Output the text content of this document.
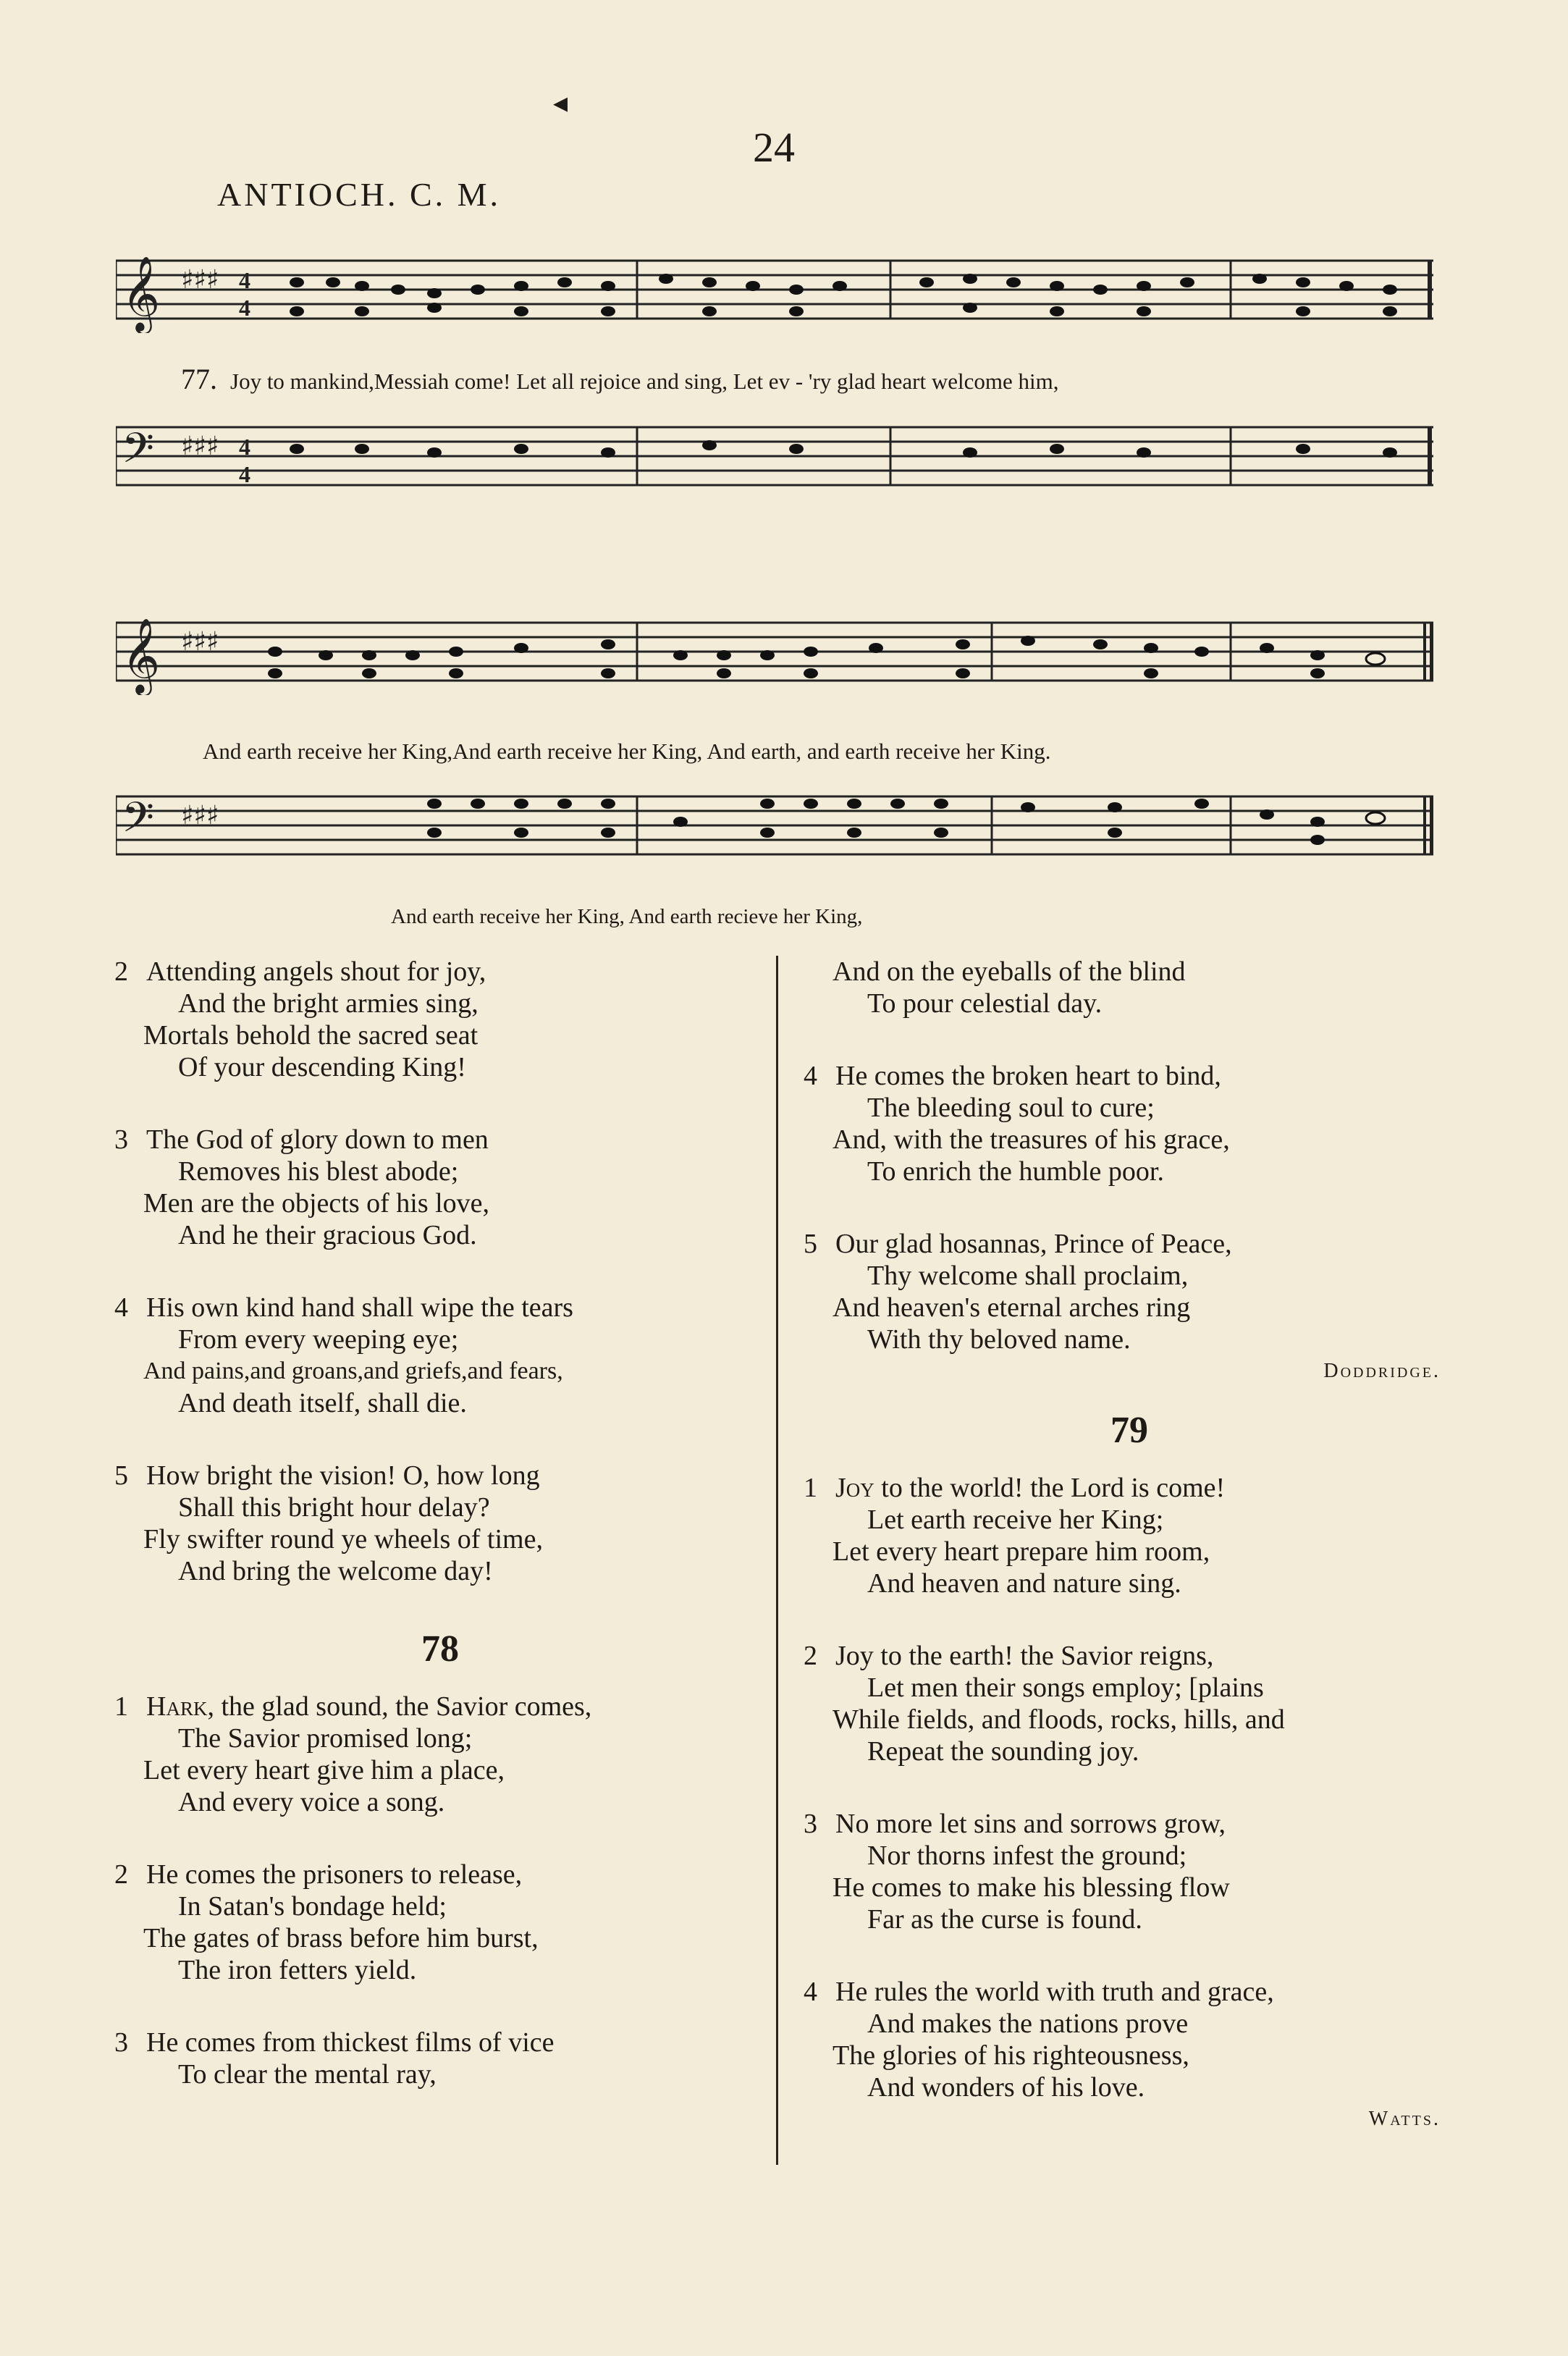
◂
24
ANTIOCH. C. M.
𝄞 ♯♯♯ 4
4
77. Joy to mankind,Messiah come! Let all rejoice and sing, Let ev - 'ry glad heart welcome him,
𝄢 ♯♯♯ 4
4
𝄞 ♯♯♯
And earth receive her King,And earth receive her King, And earth, and earth receive her King.
𝄢 ♯♯♯
And earth receive her King, And earth recieve her King,
2 Attending angels shout for joy,
And the bright armies sing,
Mortals behold the sacred seat
Of your descending King!
3 The God of glory down to men
Removes his blest abode;
Men are the objects of his love,
And he their gracious God.
4 His own kind hand shall wipe the tears
From every weeping eye;
And pains,and groans,and griefs,and fears,
And death itself, shall die.
5 How bright the vision! O, how long
Shall this bright hour delay?
Fly swifter round ye wheels of time,
And bring the welcome day!
78
1 Hark, the glad sound, the Savior comes,
The Savior promised long;
Let every heart give him a place,
And every voice a song.
2 He comes the prisoners to release,
In Satan's bondage held;
The gates of brass before him burst,
The iron fetters yield.
3 He comes from thickest films of vice
To clear the mental ray,
And on the eyeballs of the blind
To pour celestial day.
4 He comes the broken heart to bind,
The bleeding soul to cure;
And, with the treasures of his grace,
To enrich the humble poor.
5 Our glad hosannas, Prince of Peace,
Thy welcome shall proclaim,
And heaven's eternal arches ring
With thy beloved name.
Doddridge.
79
1 Joy to the world! the Lord is come!
Let earth receive her King;
Let every heart prepare him room,
And heaven and nature sing.
2 Joy to the earth! the Savior reigns,
Let men their songs employ; [plains
While fields, and floods, rocks, hills, and
Repeat the sounding joy.
3 No more let sins and sorrows grow,
Nor thorns infest the ground;
He comes to make his blessing flow
Far as the curse is found.
4 He rules the world with truth and grace,
And makes the nations prove
The glories of his righteousness,
And wonders of his love.
Watts.
